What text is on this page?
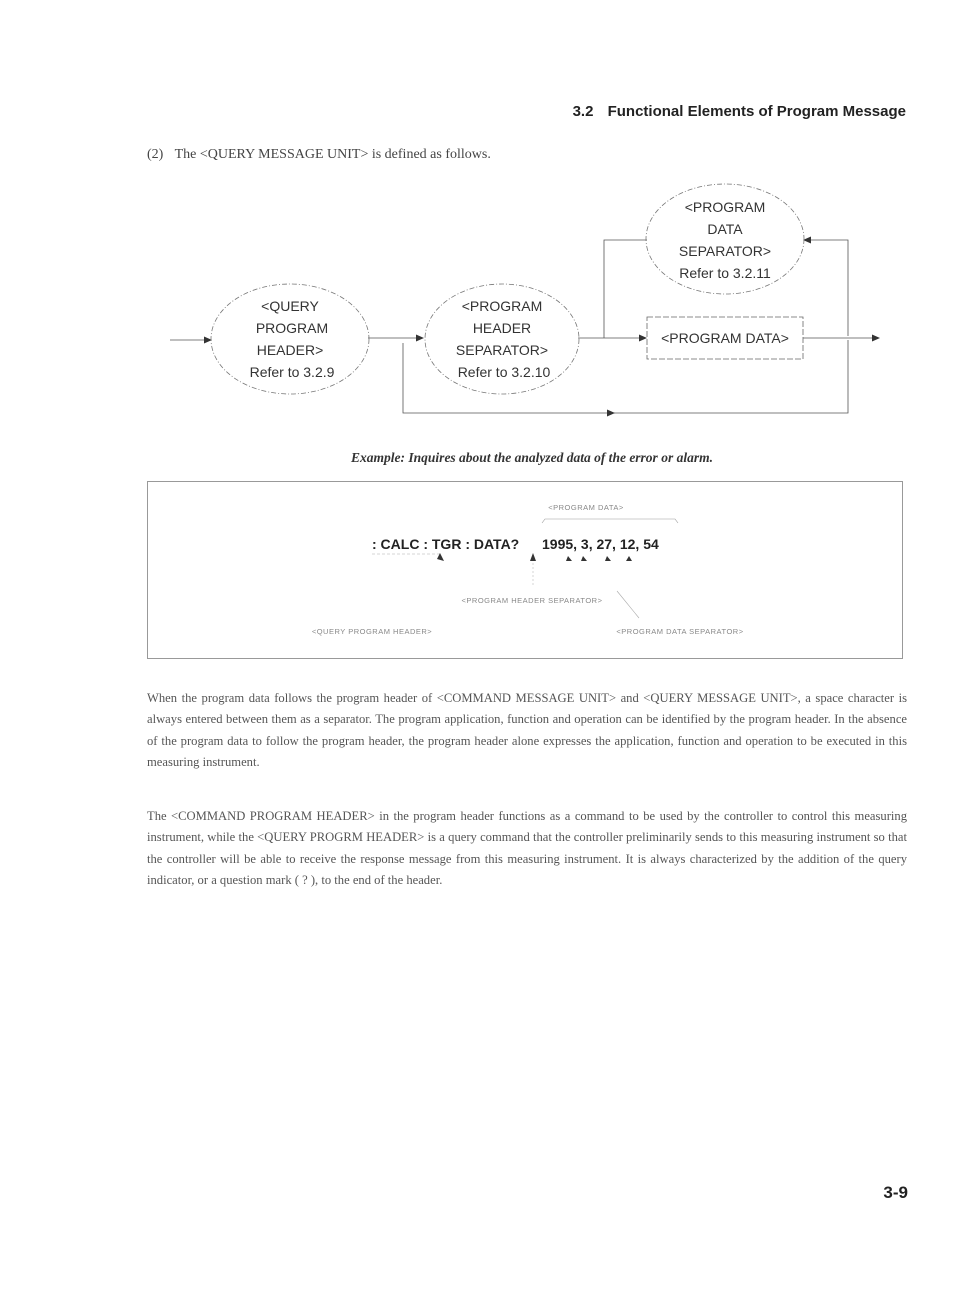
3.2 Functional Elements of Program Message
(2) The <QUERY MESSAGE UNIT> is defined as follows.
<QUERY
PROGRAM
HEADER>
Refer to 3.2.9
<PROGRAM
HEADER
SEPARATOR>
Refer to 3.2.10
<PROGRAM
DATA
SEPARATOR>
Refer to 3.2.11
<PROGRAM DATA>
Example: Inquires about the analyzed data of the error or alarm.
<PROGRAM DATA>
: CALC : TGR : DATA? 1995, 3, 27, 12, 54
<PROGRAM HEADER SEPARATOR>
<QUERY PROGRAM HEADER>	<PROGRAM DATA SEPARATOR>

When the program data follows the program header of <COMMAND MESSAGE UNIT> and <QUERY MESSAGE UNIT>, a space character is always entered between them as a separator. The program application, function and operation can be identified by the program header. In the absence of the program data to follow the program header, the program header alone expresses the application, function and operation to be executed in this measuring instrument.

The <COMMAND PROGRAM HEADER> in the program header functions as a command to be used by the controller to control this measuring instrument, while the <QUERY PROGRM HEADER> is a query command that the controller preliminarily sends to this measuring instrument so that the controller will be able to receive the response message from this measuring instrument. It is always characterized by the addition of the query indicator, or a question mark ( ? ), to the end of the header.

3-9
